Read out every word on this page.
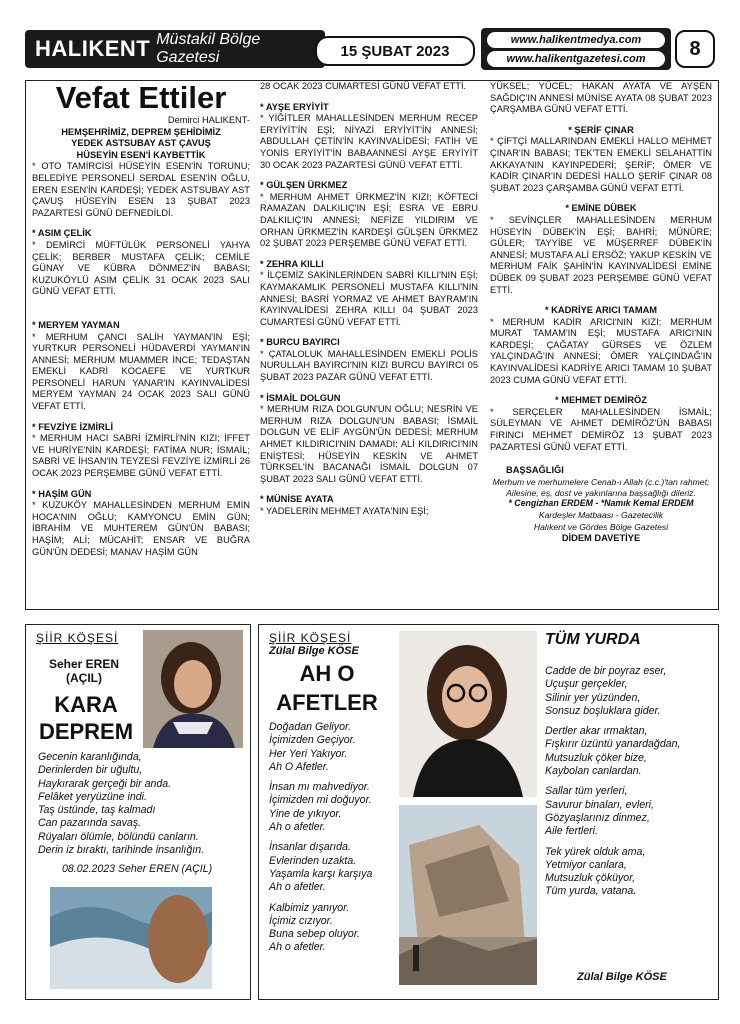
HALIKENT Müstakil Bölge Gazetesi	15 ŞUBAT 2023
www.halikentmedya.com
www.halikentgazetesi.com	8
Vefat Ettiler

Demirci HALIKENT-

HEMŞEHRİMİZ, DEPREM ŞEHİDİMİZ

YEDEK ASTSUBAY AST ÇAVUŞ

HÜSEYİN ESEN'İ KAYBETTİK

* OTO TAMİRCİSİ HÜSEYİN ESEN'İN TORUNU; BELEDİYE PERSONELİ SERDAL ESEN'İN OĞLU, EREN ESEN'İN KARDEŞİ; YEDEK ASTSUBAY AST ÇAVUŞ HÜSEYİN ESEN 13 ŞUBAT 2023 PAZARTESİ GÜNÜ DEFNEDİLDİ.

* ASIM ÇELİK

* DEMİRCİ MÜFTÜLÜK PERSONELİ YAHYA ÇELİK; BERBER MUSTAFA ÇELİK; CEMİLE GÜNAY VE KÜBRA DÖNMEZ'İN BABASI; KUZUKÖYLÜ ASIM ÇELİK 31 OCAK 2023 SALI GÜNÜ VEFAT ETTİ.

* MERYEM YAYMAN

* MERHUM ÇANCI SALİH YAYMAN'IN EŞİ; YURTKUR PERSONELİ HÜDAVERDİ YAYMAN'IN ANNESİ; MERHUM MUAMMER İNCE; TEDAŞTAN EMEKLİ KADRİ KOCAEFE VE YURTKUR PERSONELİ HARUN YANAR'IN KAYINVALİDESİ MERYEM YAYMAN 24 OCAK 2023 SALI GÜNÜ VEFAT ETTİ.

* FEVZİYE İZMİRLİ

* MERHUM HACI SABRİ İZMİRLİ'NİN KIZI; İFFET VE HURİYE'NİN KARDEŞİ; FATİMA NUR; İSMAİL; SABRİ VE İHSAN'IN TEYZESİ FEVZİYE İZMİRLİ 26 OCAK 2023 PERŞEMBE GÜNÜ VEFAT ETTİ.

* HAŞİM GÜN

* KUZUKÖY MAHALLESİNDEN MERHUM EMİN HOCA'NIN OĞLU; KAMYONCU EMİN GÜN; İBRAHİM VE MUHTEREM GÜN'ÜN BABASI; HAŞİM; ALİ; MÜCAHİT; ENSAR VE BUĞRA GÜN'ÜN DEDESİ; MANAV HAŞİM GÜN

28 OCAK 2023 CUMARTESİ GÜNÜ VEFAT ETTİ.

* AYŞE ERYİYİT

* YİĞİTLER MAHALLESİNDEN MERHUM RECEP ERYİYİT'İN EŞİ; NİYAZİ ERYİYİT'İN ANNESİ; ABDULLAH ÇETİN'İN KAYINVALİDESİ; FATİH VE YONİS ERYİYİT'İN BABAANNESİ AYŞE ERYİYİT 30 OCAK 2023 PAZARTESİ GÜNÜ VEFAT ETTİ.

* GÜLŞEN ÜRKMEZ

* MERHUM AHMET ÜRKMEZ'İN KIZI; KÖFTECİ RAMAZAN DALKILIÇ'IN EŞİ; ESRA VE EBRU DALKILIÇ'IN ANNESİ; NEFİZE YILDIRIM VE ORHAN ÜRKMEZ'İN KARDEŞİ GÜLŞEN ÜRKMEZ 02 ŞUBAT 2023 PERŞEMBE GÜNÜ VEFAT ETTİ.

* ZEHRA KILLI

* İLÇEMİZ SAKİNLERİNDEN SABRİ KILLI'NIN EŞİ; KAYMAKAMLIK PERSONELİ MUSTAFA KILLI'NIN ANNESİ; BASRİ YORMAZ VE AHMET BAYRAM'IN KAYINVALİDESİ ZEHRA KILLI 04 ŞUBAT 2023 CUMARTESİ GÜNÜ VEFAT ETTİ.

* BURCU BAYIRCI

* ÇATALOLUK MAHALLESİNDEN EMEKLİ POLİS NURULLAH BAYIRCI'NIN KIZI BURCU BAYIRCI 05 ŞUBAT 2023 PAZAR GÜNÜ VEFAT ETTİ.

* İSMAİL DOLGUN

* MERHUM RIZA DOLGUN'UN OĞLU; NESRİN VE MERHUM RIZA DOLGUN'UN BABASI; İSMAİL DOLGUN VE ELİF AYGÜN'ÜN DEDESİ; MERHUM AHMET KILDIRICI'NIN DAMADI; ALİ KILDIRICI'NIN ENİŞTESİ; HÜSEYİN KESKİN VE AHMET TÜRKSEL'İN BACANAĞI İSMAİL DOLGUN 07 ŞUBAT 2023 SALI GÜNÜ VEFAT ETTİ.

* MÜNİSE AYATA

* YADELERİN MEHMET AYATA'NIN EŞİ;

YÜKSEL; YÜCEL; HAKAN AYATA VE AYŞEN SAĞDIÇ'IN ANNESİ MÜNİSE AYATA 08 ŞUBAT 2023 ÇARŞAMBA GÜNÜ VEFAT ETTİ.

* ŞERİF ÇINAR

* ÇİFTÇİ MALLARINDAN EMEKLİ HALLO MEHMET ÇINAR'IN BABASI; TEK'TEN EMEKLİ SELAHATTİN AKKAYA'NIN KAYINPEDERİ; ŞERİF; ÖMER VE KADİR ÇINAR'IN DEDESİ HALLO ŞERİF ÇINAR 08 ŞUBAT 2023 ÇARŞAMBA GÜNÜ VEFAT ETTİ.

* EMİNE DÜBEK

* SEVİNÇLER MAHALLESİNDEN MERHUM HÜSEYİN DÜBEK'İN EŞİ; BAHRİ; MÜNÜRE; GÜLER; TAYYİBE VE MÜŞERREF DÜBEK'İN ANNESİ; MUSTAFA ALİ ERSÖZ; YAKUP KESKİN VE MERHUM FAİK ŞAHİN'İN KAYINVALİDESİ EMİNE DÜBEK 09 ŞUBAT 2023 PERŞEMBE GÜNÜ VEFAT ETTİ.

* KADRİYE ARICI TAMAM

* MERHUM KADİR ARICI'NIN KIZI; MERHUM MURAT TAMAM'IN EŞİ; MUSTAFA ARICI'NIN KARDEŞİ; ÇAĞATAY GÜRSES VE ÖZLEM YALÇINDAĞ'IN ANNESİ; ÖMER YALÇINDAĞ'IN KAYINVALİDESİ KADRİYE ARICI TAMAM 10 ŞUBAT 2023 CUMA GÜNÜ VEFAT ETTİ.

* MEHMET DEMİRÖZ

* SERÇELER MAHALLESİNDEN İSMAİL; SÜLEYMAN VE AHMET DEMİRÖZ'ÜN BABASI FIRINCI MEHMET DEMİRÖZ 13 ŞUBAT 2023 PAZARTESİ GÜNÜ VEFAT ETTİ.

BAŞSAĞLIĞI

Merhum ve merhumelere Cenab-ı Allah (c.c.)'tan rahmet; Ailesine, eş, dost ve yakınlarına başsağlığı dileriz.

* Cengizhan ERDEM - *Namık Kemal ERDEM

Kardeşler Matbaası - Gazetecilik

Halıkent ve Gördes Bölge Gazetesi

DİDEM DAVETİYE

ŞİİR KÖŞESİ
Seher EREN
(AÇIL)
KARA
DEPREM
Gecenin karanlığında,
Derinlerden bir uğultu,
Haykırarak gerçeği bir anda.
Felâket yeryüzüne indi.
Taş üstünde, taş kalmadı
Can pazarında savaş.
Rüyaları ölümle, bölündü canların.
Derin iz bıraktı, tarihinde insanlığın.
08.02.2023 Seher EREN (AÇIL)
ŞİİR KÖŞESİ
Zülal Bilge KÖSE
AH O
AFETLER
Doğadan Geliyor.
İçimizden Geçiyor.
Her Yeri Yakıyor.
Ah O Afetler.
İnsan mı mahvediyor.
İçimizden mi doğuyor.
Yine de yıkıyor.
Ah o afetler.
İnsanlar dışarıda.
Evlerinden uzakta.
Yaşamla karşı karşıya
Ah o afetler.
Kalbimiz yanıyor.
İçimiz cızıyor.
Buna sebep oluyor.
Ah o afetler.
TÜM YURDA
Cadde de bir poyraz eser,
Uçuşur gerçekler,
Silinir yer yüzünden,
Sonsuz boşluklara gider.
Dertler akar ırmaktan,
Fışkırır üzüntü yanardağdan,
Mutsuzluk çöker bize,
Kaybolan canlardan.
Sallar tüm yerleri,
Savurur binaları, evleri,
Gözyaşlarınız dinmez,
Aile fertleri.
Tek yürek olduk ama,
Yetmiyor canlara,
Mutsuzluk çöküyor,
Tüm yurda, vatana.
Zülal Bilge KÖSE
